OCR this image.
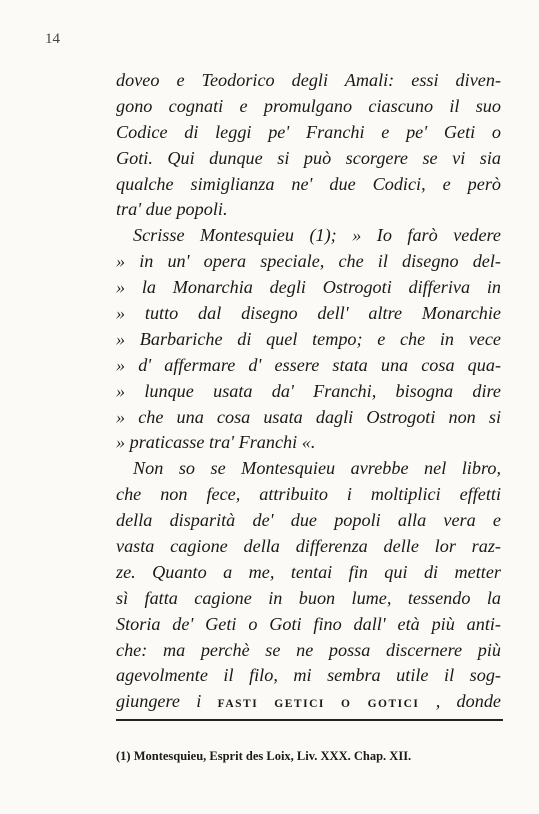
14
doveo e Teodorico degli Amali: essi diven-
gono cognati e promulgano ciascuno il suo
Codice di leggi pe' Franchi e pe' Geti o
Goti. Qui dunque si può scorgere se vi sia
qualche simiglianza ne' due Codici, e però
tra' due popoli.
Scrisse Montesquieu (1); » Io farò vedere
» in un' opera speciale, che il disegno del-
» la Monarchia degli Ostrogoti differiva in
» tutto dal disegno dell' altre Monarchie
» Barbariche di quel tempo; e che in vece
» d' affermare d' essere stata una cosa qua-
» lunque usata da' Franchi, bisogna dire
» che una cosa usata dagli Ostrogoti non si
» praticasse tra' Franchi «.
Non so se Montesquieu avrebbe nel libro,
che non fece, attribuito i moltiplici effetti
della disparità de' due popoli alla vera e
vasta cagione della differenza delle lor raz-
ze. Quanto a me, tentai fin qui di metter
sì fatta cagione in buon lume, tessendo la
Storia de' Geti o Goti fino dall' età più anti-
che: ma perchè se ne possa discernere più
agevolmente il filo, mi sembra utile il sog-
giungere i FASTI GETICI O GOTICI , donde
(1) Montesquieu, Esprit des Loix, Liv. XXX. Chap. XII.
